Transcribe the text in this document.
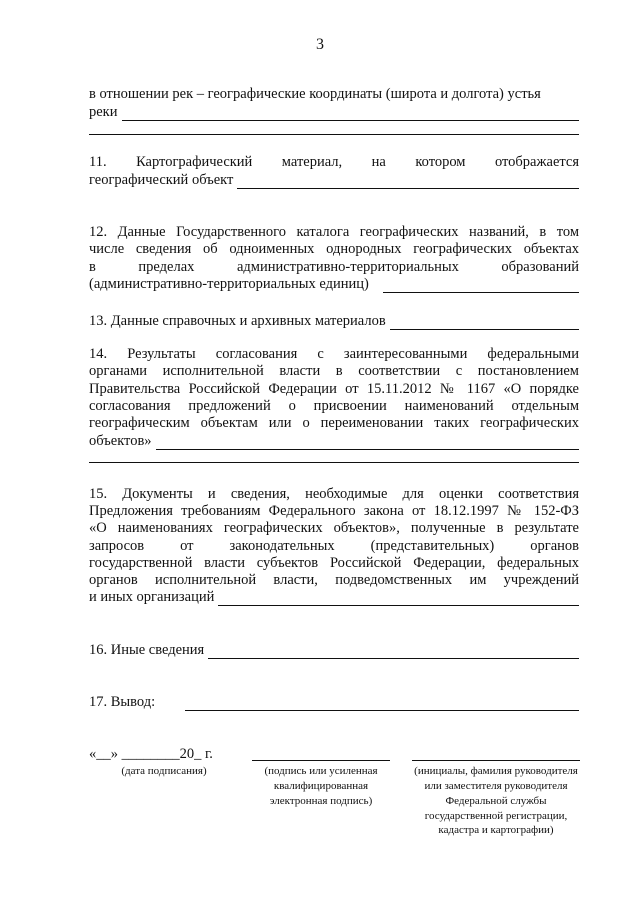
3
в отношении рек – географические координаты (широта и долгота) устья
реки
11. Картографический материал, на котором отображается
географический объект
12. Данные Государственного каталога географических названий, в том
числе сведения об одноименных однородных географических объектах
в пределах административно-территориальных образований
(административно-территориальных единиц)
13. Данные справочных и архивных материалов
14. Результаты согласования с заинтересованными федеральными
органами исполнительной власти в соответствии с постановлением
Правительства Российской Федерации от 15.11.2012 № 1167 «О порядке
согласования предложений о присвоении наименований отдельным
географическим объектам или о переименовании таких географических
объектов»
15. Документы и сведения, необходимые для оценки соответствия
Предложения требованиям Федерального закона от 18.12.1997 № 152-ФЗ
«О наименованиях географических объектов», полученные в результате
запросов от законодательных (представительных) органов
государственной власти субъектов Российской Федерации, федеральных
органов исполнительной власти, подведомственных им учреждений
и иных организаций
16. Иные сведения
17. Вывод:
«__» ________20_ г.
(дата подписания)	(подпись или усиленная квалифицированная электронная подпись)
(инициалы, фамилия руководителя или заместителя руководителя Федеральной службы государственной регистрации, кадастра и картографии)
